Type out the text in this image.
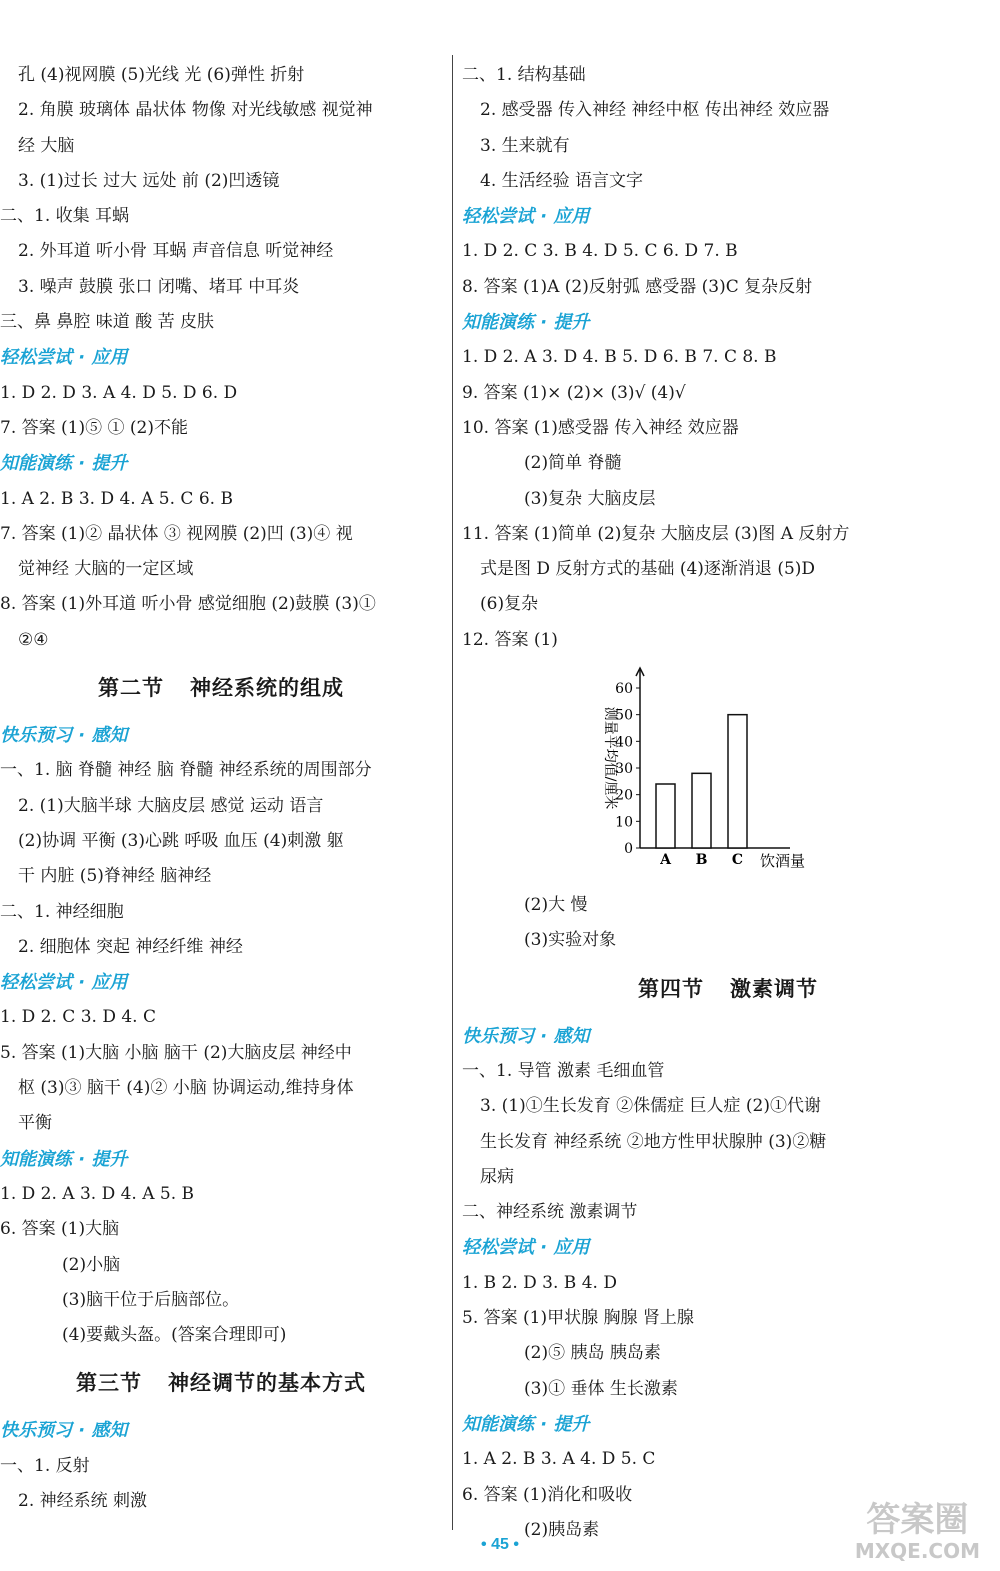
孔 (4)视网膜 (5)光线 光 (6)弹性 折射
2. 角膜 玻璃体 晶状体 物像 对光线敏感 视觉神
经 大脑
3. (1)过长 过大 远处 前 (2)凹透镜
二、1. 收集 耳蜗
2. 外耳道 听小骨 耳蜗 声音信息 听觉神经
3. 噪声 鼓膜 张口 闭嘴、堵耳 中耳炎
三、鼻 鼻腔 味道 酸 苦 皮肤
轻松尝试 · 应用
1. D 2. D 3. A 4. D 5. D 6. D
7. 答案 (1)⑤ ① (2)不能
知能演练 · 提升
1. A 2. B 3. D 4. A 5. C 6. B
7. 答案 (1)② 晶状体 ③ 视网膜 (2)凹 (3)④ 视
觉神经 大脑的一定区域
8. 答案 (1)外耳道 听小骨 感觉细胞 (2)鼓膜 (3)①
②④
第二节 神经系统的组成
快乐预习 · 感知
一、1. 脑 脊髓 神经 脑 脊髓 神经系统的周围部分
2. (1)大脑半球 大脑皮层 感觉 运动 语言
(2)协调 平衡 (3)心跳 呼吸 血压 (4)刺激 躯
干 内脏 (5)脊神经 脑神经
二、1. 神经细胞
2. 细胞体 突起 神经纤维 神经
轻松尝试 · 应用
1. D 2. C 3. D 4. C
5. 答案 (1)大脑 小脑 脑干 (2)大脑皮层 神经中
枢 (3)③ 脑干 (4)② 小脑 协调运动,维持身体
平衡
知能演练 · 提升
1. D 2. A 3. D 4. A 5. B
6. 答案 (1)大脑
(2)小脑
(3)脑干位于后脑部位。
(4)要戴头盔。(答案合理即可)
第三节 神经调节的基本方式
快乐预习 · 感知
一、1. 反射
2. 神经系统 刺激
二、1. 结构基础
2. 感受器 传入神经 神经中枢 传出神经 效应器
3. 生来就有
4. 生活经验 语言文字
轻松尝试 · 应用
1. D 2. C 3. B 4. D 5. C 6. D 7. B
8. 答案 (1)A (2)反射弧 感受器 (3)C 复杂反射
知能演练 · 提升
1. D 2. A 3. D 4. B 5. D 6. B 7. C 8. B
9. 答案 (1)× (2)× (3)√ (4)√
10. 答案 (1)感受器 传入神经 效应器
(2)简单 脊髓
(3)复杂 大脑皮层
11. 答案 (1)简单 (2)复杂 大脑皮层 (3)图 A 反射方
式是图 D 反射方式的基础 (4)逐渐消退 (5)D
(6)复杂
12. 答案 (1)
0
10
20
30
40
50
60
A B C 饮酒量
测量平均值/厘米
(2)大 慢
(3)实验对象
第四节 激素调节
快乐预习 · 感知
一、1. 导管 激素 毛细血管
3. (1)①生长发育 ②侏儒症 巨人症 (2)①代谢
生长发育 神经系统 ②地方性甲状腺肿 (3)②糖
尿病
二、神经系统 激素调节
轻松尝试 · 应用
1. B 2. D 3. B 4. D
5. 答案 (1)甲状腺 胸腺 肾上腺
(2)⑤ 胰岛 胰岛素
(3)① 垂体 生长激素
知能演练 · 提升
1. A 2. B 3. A 4. D 5. C
6. 答案 (1)消化和吸收
(2)胰岛素
• 45 •
答案圈
MXQE.COM
